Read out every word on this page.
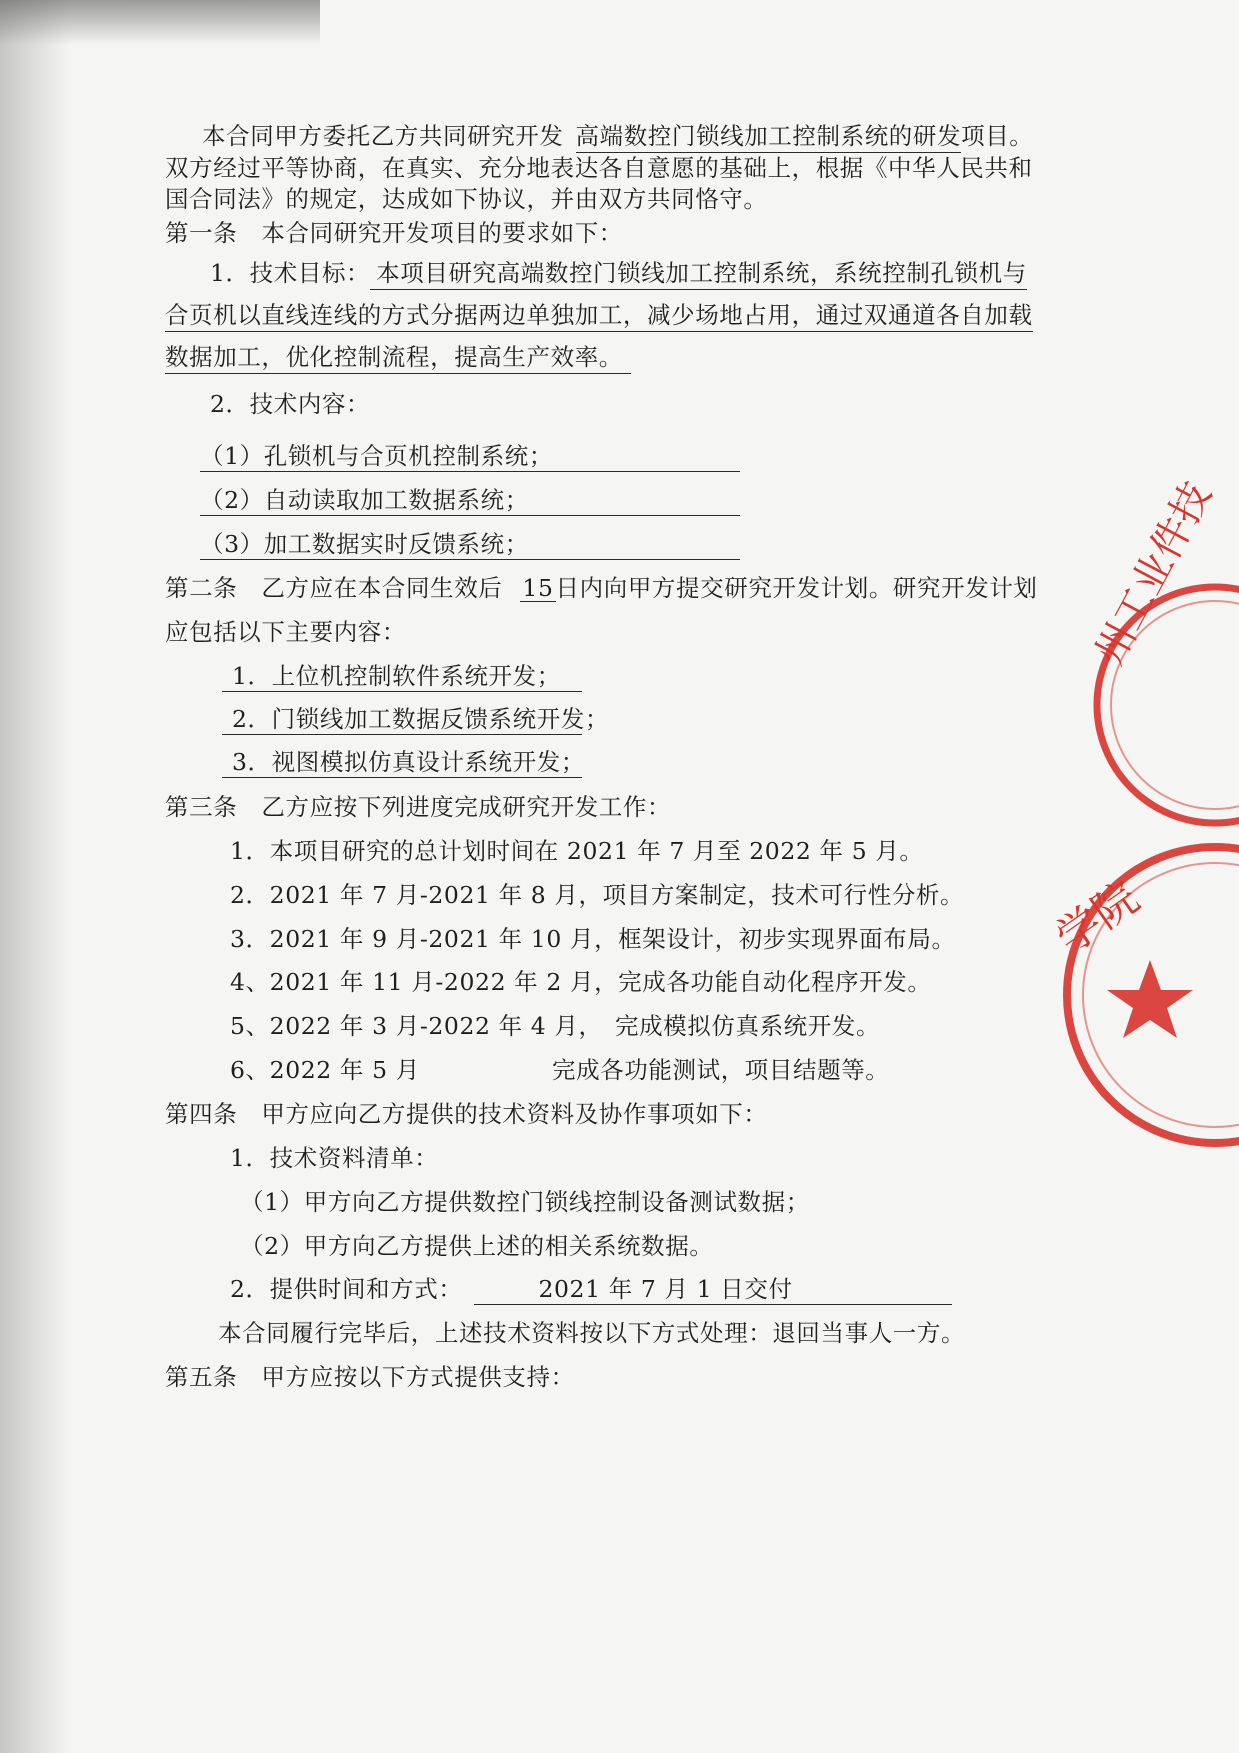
本合同甲方委托乙方共同研究开发 高端数控门锁线加工控制系统的研发项目。
双方经过平等协商，在真实、充分地表达各自意愿的基础上，根据《中华人民共和
国合同法》的规定，达成如下协议，并由双方共同恪守。
第一条　本合同研究开发项目的要求如下：
1．技术目标： 本项目研究高端数控门锁线加工控制系统，系统控制孔锁机与
合页机以直线连线的方式分据两边单独加工，减少场地占用，通过双通道各自加载
数据加工，优化控制流程，提高生产效率。
2．技术内容：
（1）孔锁机与合页机控制系统；
（2）自动读取加工数据系统；
（3）加工数据实时反馈系统；
第二条　乙方应在本合同生效后 15日内向甲方提交研究开发计划。研究开发计划
应包括以下主要内容：
1．上位机控制软件系统开发；
2．门锁线加工数据反馈系统开发；
3．视图模拟仿真设计系统开发；
第三条　乙方应按下列进度完成研究开发工作：
1．本项目研究的总计划时间在 2021 年 7 月至 2022 年 5 月。
2．2021 年 7 月-2021 年 8 月，项目方案制定，技术可行性分析。
3．2021 年 9 月-2021 年 10 月，框架设计，初步实现界面布局。
4、2021 年 11 月-2022 年 2 月，完成各功能自动化程序开发。
5、2022 年 3 月-2022 年 4 月，　完成模拟仿真系统开发。
6、2022 年 5 月	完成各功能测试，项目结题等。
第四条　甲方应向乙方提供的技术资料及协作事项如下：
1．技术资料清单：
（1）甲方向乙方提供数控门锁线控制设备测试数据；
（2）甲方向乙方提供上述的相关系统数据。
2．提供时间和方式：	2021 年 7 月 1 日交付
本合同履行完毕后，上述技术资料按以下方式处理：退回当事人一方。
第五条　甲方应按以下方式提供支持：
州工业件技
学院
